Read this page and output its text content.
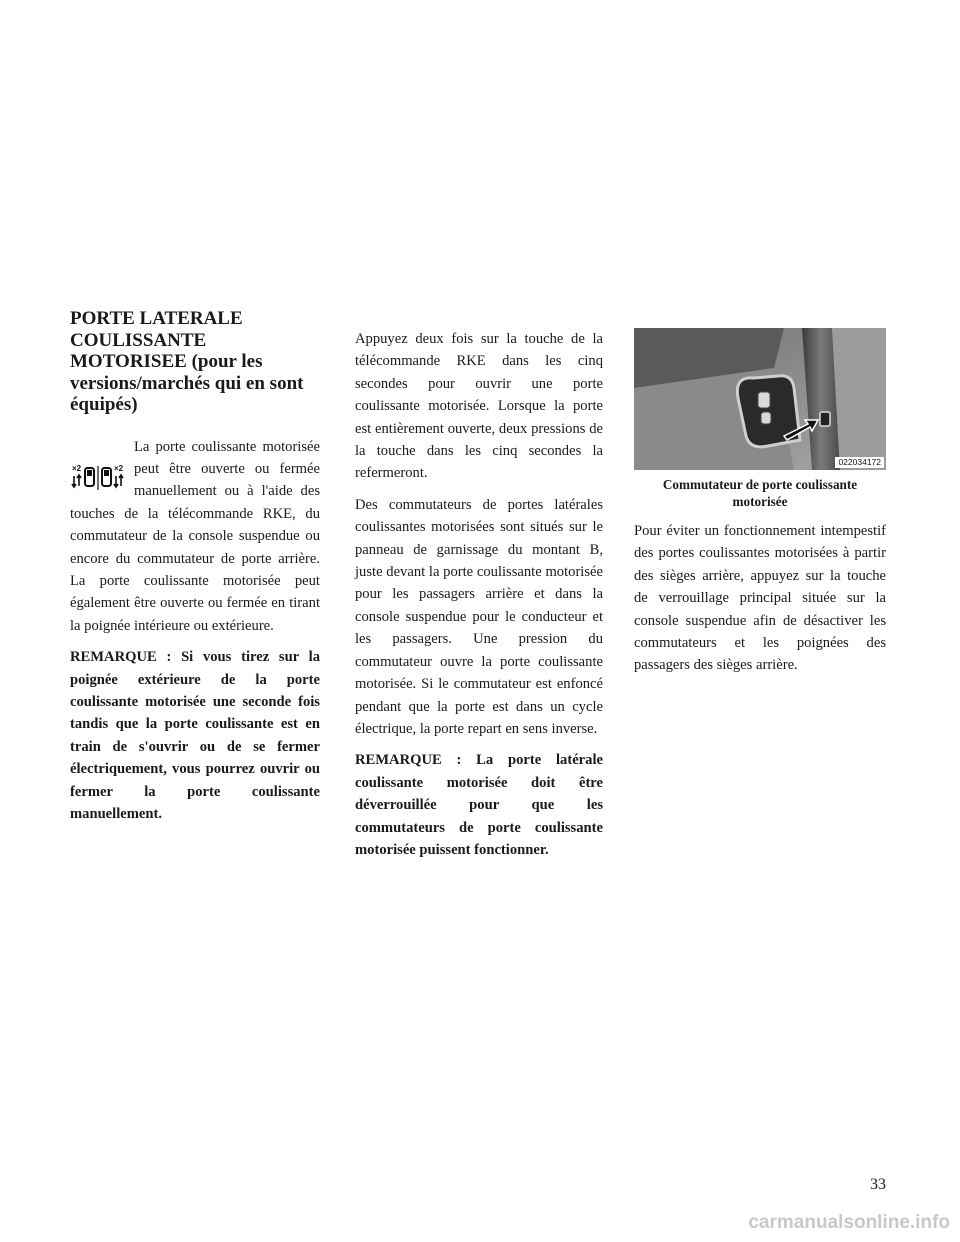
PORTE LATERALE COULISSANTE MOTORISEE (pour les versions/marchés qui en sont équipés)
×2	×2

La porte coulissante motorisée peut être ouverte ou fermée manuellement ou à l'aide des touches de la télécommande RKE, du commutateur de la console suspendue ou encore du commutateur de porte arrière. La porte coulissante motorisée peut également être ouverte ou fermée en tirant la poignée intérieure ou extérieure.

REMARQUE : Si vous tirez sur la poignée extérieure de la porte coulissante motorisée une seconde fois tandis que la porte coulissante est en train de s'ouvrir ou de se fermer électriquement, vous pourrez ouvrir ou fermer la porte coulissante manuellement.

Appuyez deux fois sur la touche de la télécommande RKE dans les cinq secondes pour ouvrir une porte coulissante motorisée. Lorsque la porte est entièrement ouverte, deux pressions de la touche dans les cinq secondes la refermeront.

Des commutateurs de portes latérales coulissantes motorisées sont situés sur le panneau de garnissage du montant B, juste devant la porte coulissante motorisée pour les passagers arrière et dans la console suspendue pour le conducteur et les passagers. Une pression du commutateur ouvre la porte coulissante motorisée. Si le commutateur est enfoncé pendant que la porte est dans un cycle électrique, la porte repart en sens inverse.

REMARQUE : La porte latérale coulissante motorisée doit être déverrouillée pour que les commutateurs de porte coulissante motorisée puissent fonctionner.

022034172
Commutateur de porte coulissante motorisée

Pour éviter un fonctionnement intempestif des portes coulissantes motorisées à partir des sièges arrière, appuyez sur la touche de verrouillage principal située sur la console suspendue afin de désactiver les commutateurs et les poignées des passagers des sièges arrière.

33
carmanualsonline.info
